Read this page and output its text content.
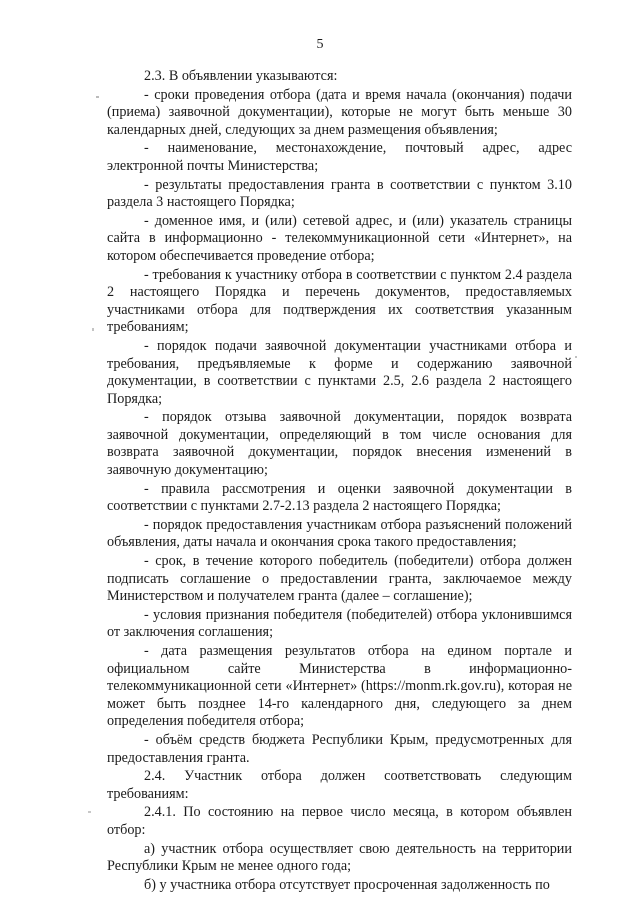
5

2.3. В объявлении указываются:

- сроки проведения отбора (дата и время начала (окончания) подачи (приема) заявочной документации), которые не могут быть меньше 30 календарных дней, следующих за днем размещения объявления;

- наименование, местонахождение, почтовый адрес, адрес электронной почты Министерства;

- результаты предоставления гранта в соответствии с пунктом 3.10 раздела 3 настоящего Порядка;

- доменное имя, и (или) сетевой адрес, и (или) указатель страницы сайта в информационно - телекоммуникационной сети «Интернет», на котором обеспечивается проведение отбора;

- требования к участнику отбора в соответствии с пунктом 2.4 раздела 2 настоящего Порядка и перечень документов, предоставляемых участниками отбора для подтверждения их соответствия указанным требованиям;

- порядок подачи заявочной документации участниками отбора и требования, предъявляемые к форме и содержанию заявочной документации, в соответствии с пунктами 2.5, 2.6 раздела 2 настоящего Порядка;

- порядок отзыва заявочной документации, порядок возврата заявочной документации, определяющий в том числе основания для возврата заявочной документации, порядок внесения изменений в заявочную документацию;

- правила рассмотрения и оценки заявочной документации в соответствии с пунктами 2.7-2.13 раздела 2 настоящего Порядка;

- порядок предоставления участникам отбора разъяснений положений объявления, даты начала и окончания срока такого предоставления;

- срок, в течение которого победитель (победители) отбора должен подписать соглашение о предоставлении гранта, заключаемое между Министерством и получателем гранта (далее – соглашение);

- условия признания победителя (победителей) отбора уклонившимся от заключения соглашения;

- дата размещения результатов отбора на едином портале и официальном сайте Министерства в информационно-телекоммуникационной сети «Интернет» (https://monm.rk.gov.ru), которая не может быть позднее 14-го календарного дня, следующего за днем определения победителя отбора;

- объём средств бюджета Республики Крым, предусмотренных для предоставления гранта.

2.4. Участник отбора должен соответствовать следующим требованиям:

2.4.1. По состоянию на первое число месяца, в котором объявлен отбор:

а) участник отбора осуществляет свою деятельность на территории Республики Крым не менее одного года;

б) у участника отбора отсутствует просроченная задолженность по
